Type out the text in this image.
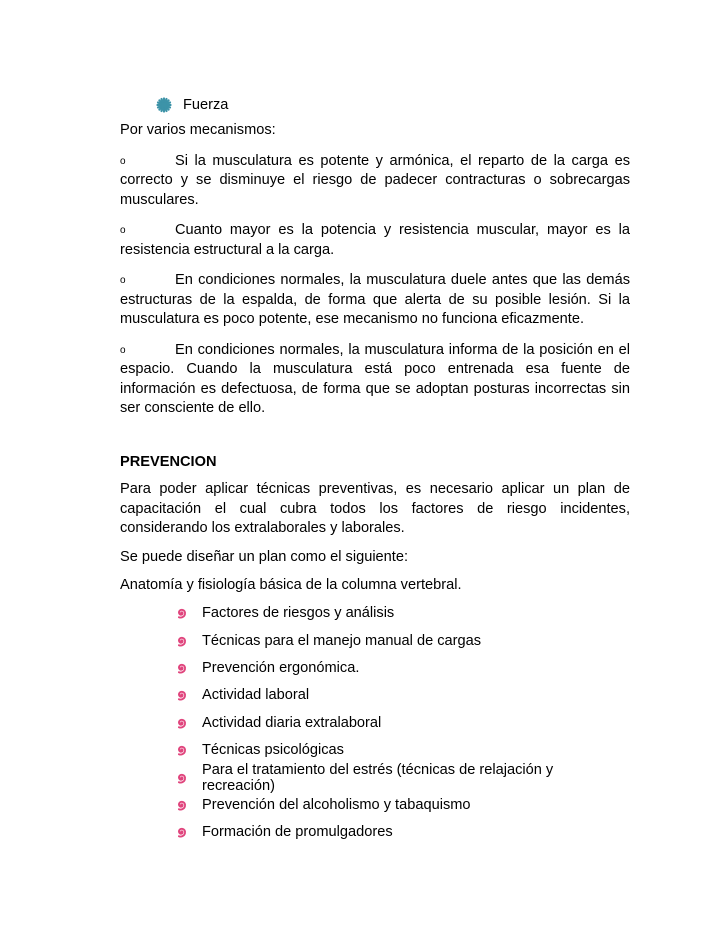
Fuerza

Por varios mecanismos:

o	Si la musculatura es potente y armónica, el reparto de la carga es correcto y se disminuye el riesgo de padecer contracturas o sobrecargas musculares.

o	Cuanto mayor es la potencia y resistencia muscular, mayor es la resistencia estructural a la carga.

o	En condiciones normales, la musculatura duele antes que las demás estructuras de la espalda, de forma que alerta de su posible lesión. Si la musculatura es poco potente, ese mecanismo no funciona eficazmente.

o	En condiciones normales, la musculatura informa de la posición en el espacio. Cuando la musculatura está poco entrenada esa fuente de información es defectuosa, de forma que se adoptan posturas incorrectas sin ser consciente de ello.

PREVENCION

Para poder aplicar técnicas preventivas, es necesario aplicar un plan de capacitación el cual cubra todos los factores de riesgo incidentes, considerando los extralaborales y laborales.

Se puede diseñar un plan como el siguiente:

Anatomía y fisiología básica de la columna vertebral.

Factores de riesgos y análisis
Técnicas para el manejo manual de cargas
Prevención ergonómica.
Actividad laboral
Actividad diaria extralaboral
Técnicas psicológicas
Para el tratamiento del estrés (técnicas de relajación y recreación)
Prevención del alcoholismo y tabaquismo
Formación de promulgadores
